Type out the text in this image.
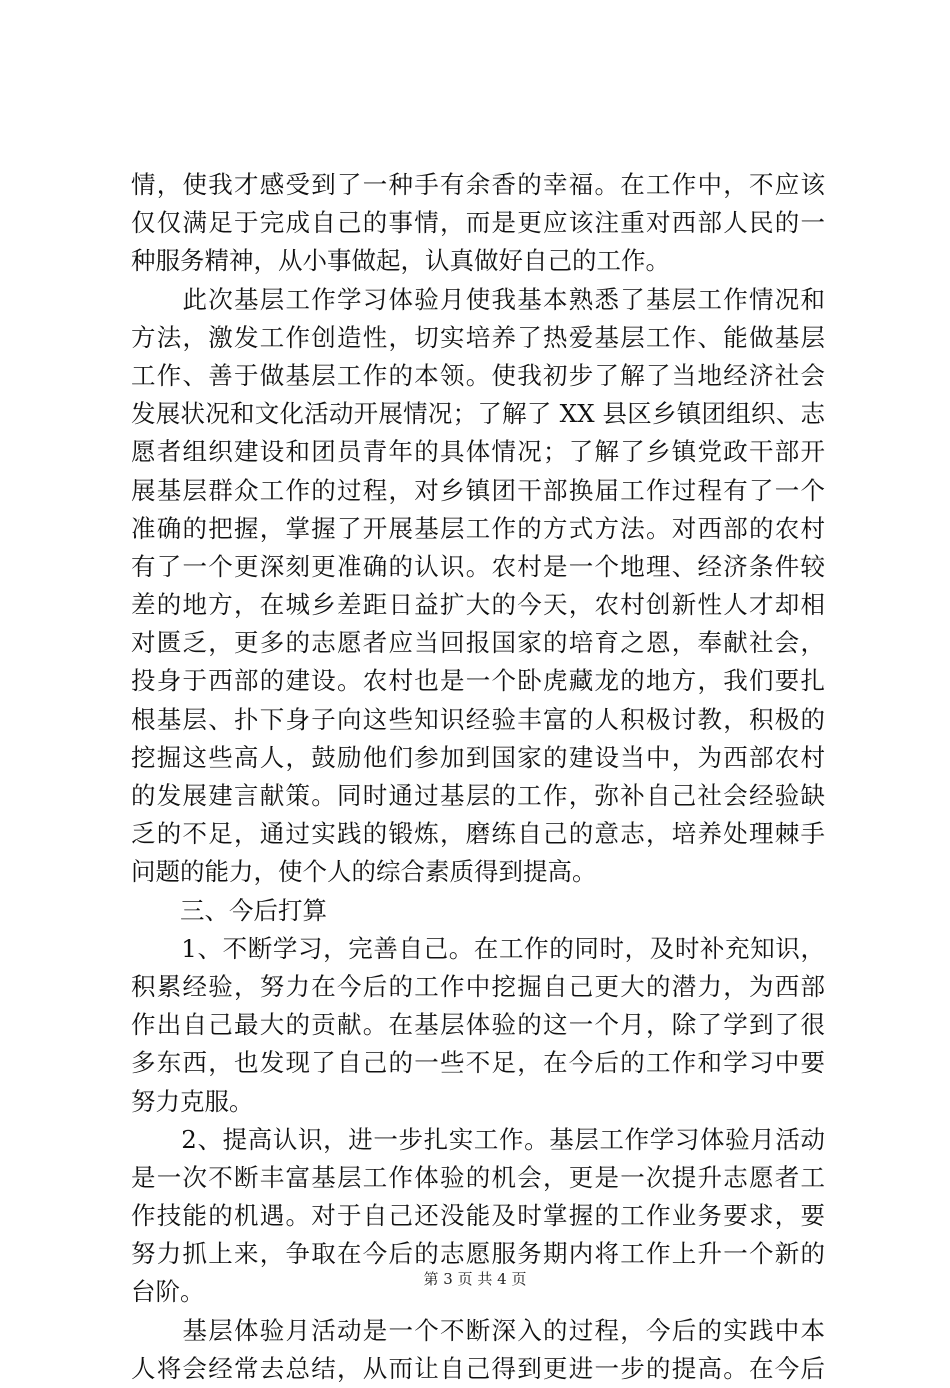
情，使我才感受到了一种手有余香的幸福。在工作中，不应该
仅仅满足于完成自己的事情，而是更应该注重对西部人民的一
种服务精神，从小事做起，认真做好自己的工作。
　　此次基层工作学习体验月使我基本熟悉了基层工作情况和
方法，激发工作创造性，切实培养了热爱基层工作、能做基层
工作、善于做基层工作的本领。使我初步了解了当地经济社会
发展状况和文化活动开展情况；了解了 XX 县区乡镇团组织、志
愿者组织建设和团员青年的具体情况；了解了乡镇党政干部开
展基层群众工作的过程，对乡镇团干部换届工作过程有了一个
准确的把握，掌握了开展基层工作的方式方法。对西部的农村
有了一个更深刻更准确的认识。农村是一个地理、经济条件较
差的地方，在城乡差距日益扩大的今天，农村创新性人才却相
对匮乏，更多的志愿者应当回报国家的培育之恩，奉献社会，
投身于西部的建设。农村也是一个卧虎藏龙的地方，我们要扎
根基层、扑下身子向这些知识经验丰富的人积极讨教，积极的
挖掘这些高人，鼓励他们参加到国家的建设当中，为西部农村
的发展建言献策。同时通过基层的工作，弥补自己社会经验缺
乏的不足，通过实践的锻炼，磨练自己的意志，培养处理棘手
问题的能力，使个人的综合素质得到提高。
　　三、今后打算
　　1、不断学习，完善自己。在工作的同时，及时补充知识，
积累经验，努力在今后的工作中挖掘自己更大的潜力，为西部
作出自己最大的贡献。在基层体验的这一个月，除了学到了很
多东西，也发现了自己的一些不足，在今后的工作和学习中要
努力克服。
　　2、提高认识，进一步扎实工作。基层工作学习体验月活动
是一次不断丰富基层工作体验的机会，更是一次提升志愿者工
作技能的机遇。对于自己还没能及时掌握的工作业务要求，要
努力抓上来，争取在今后的志愿服务期内将工作上升一个新的
台阶。
　　基层体验月活动是一个不断深入的过程，今后的实践中本
人将会经常去总结，从而让自己得到更进一步的提高。在今后
第 3 页 共 4 页
